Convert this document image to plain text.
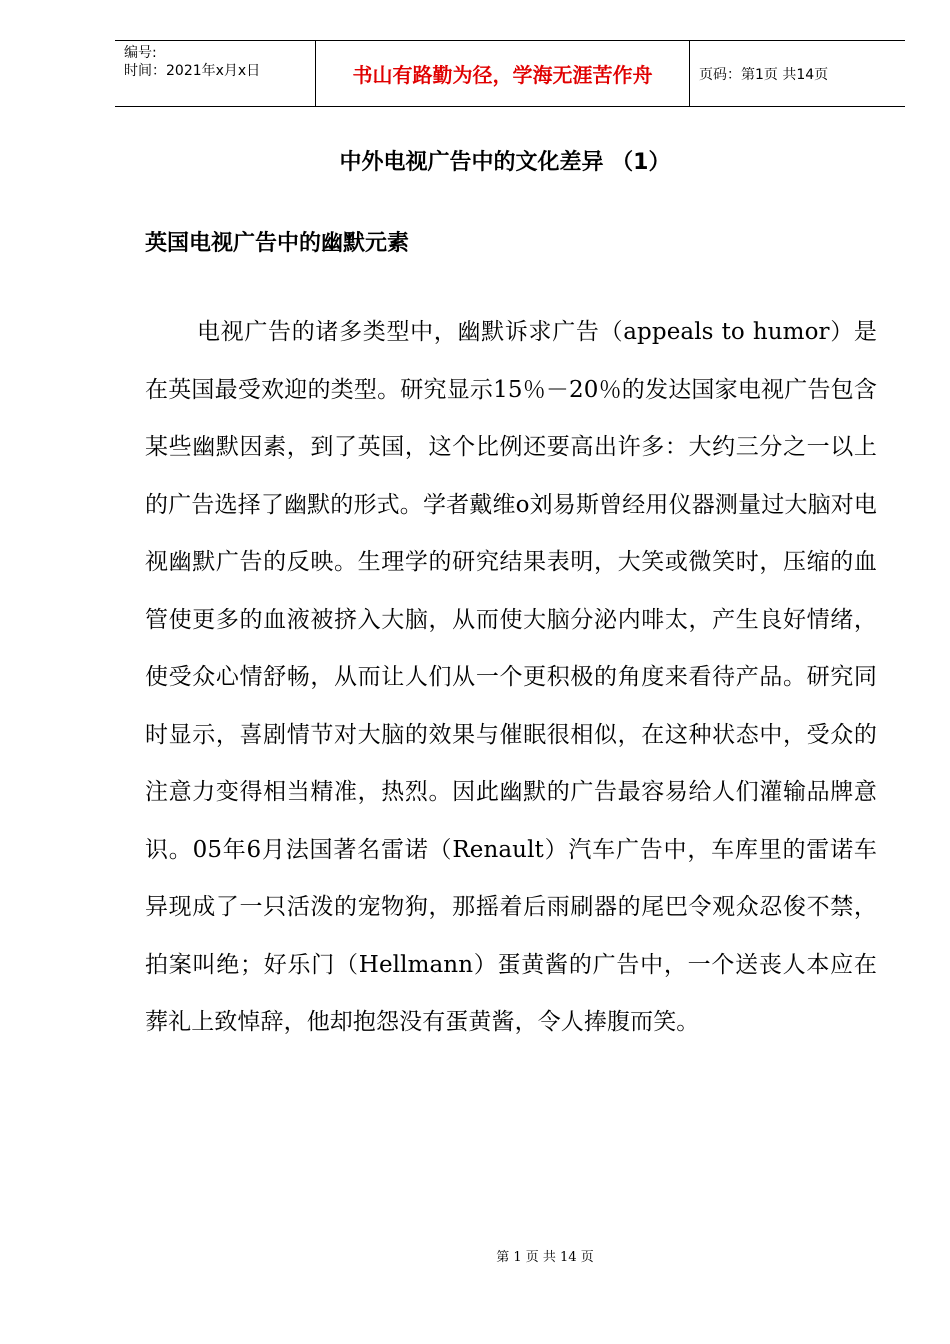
编号:
时间：2021年x月x日	书山有路勤为径，学海无涯苦作舟	页码：第1页 共14页
中外电视广告中的文化差异 （1）
英国电视广告中的幽默元素

电视广告的诸多类型中，幽默诉求广告（appeals to humor）是在英国最受欢迎的类型。研究显示15％－20％的发达国家电视广告包含某些幽默因素，到了英国，这个比例还要高出许多：大约三分之一以上的广告选择了幽默的形式。学者戴维o刘易斯曾经用仪器测量过大脑对电视幽默广告的反映。生理学的研究结果表明，大笑或微笑时，压缩的血管使更多的血液被挤入大脑，从而使大脑分泌内啡太，产生良好情绪，使受众心情舒畅，从而让人们从一个更积极的角度来看待产品。研究同时显示，喜剧情节对大脑的效果与催眠很相似，在这种状态中，受众的注意力变得相当精准，热烈。因此幽默的广告最容易给人们灌输品牌意识。05年6月法国著名雷诺（Renault）汽车广告中，车库里的雷诺车异现成了一只活泼的宠物狗，那摇着后雨刷器的尾巴令观众忍俊不禁，拍案叫绝；好乐门（Hellmann）蛋黄酱的广告中，一个送丧人本应在葬礼上致悼辞，他却抱怨没有蛋黄酱，令人捧腹而笑。

第 1 页 共 14 页
